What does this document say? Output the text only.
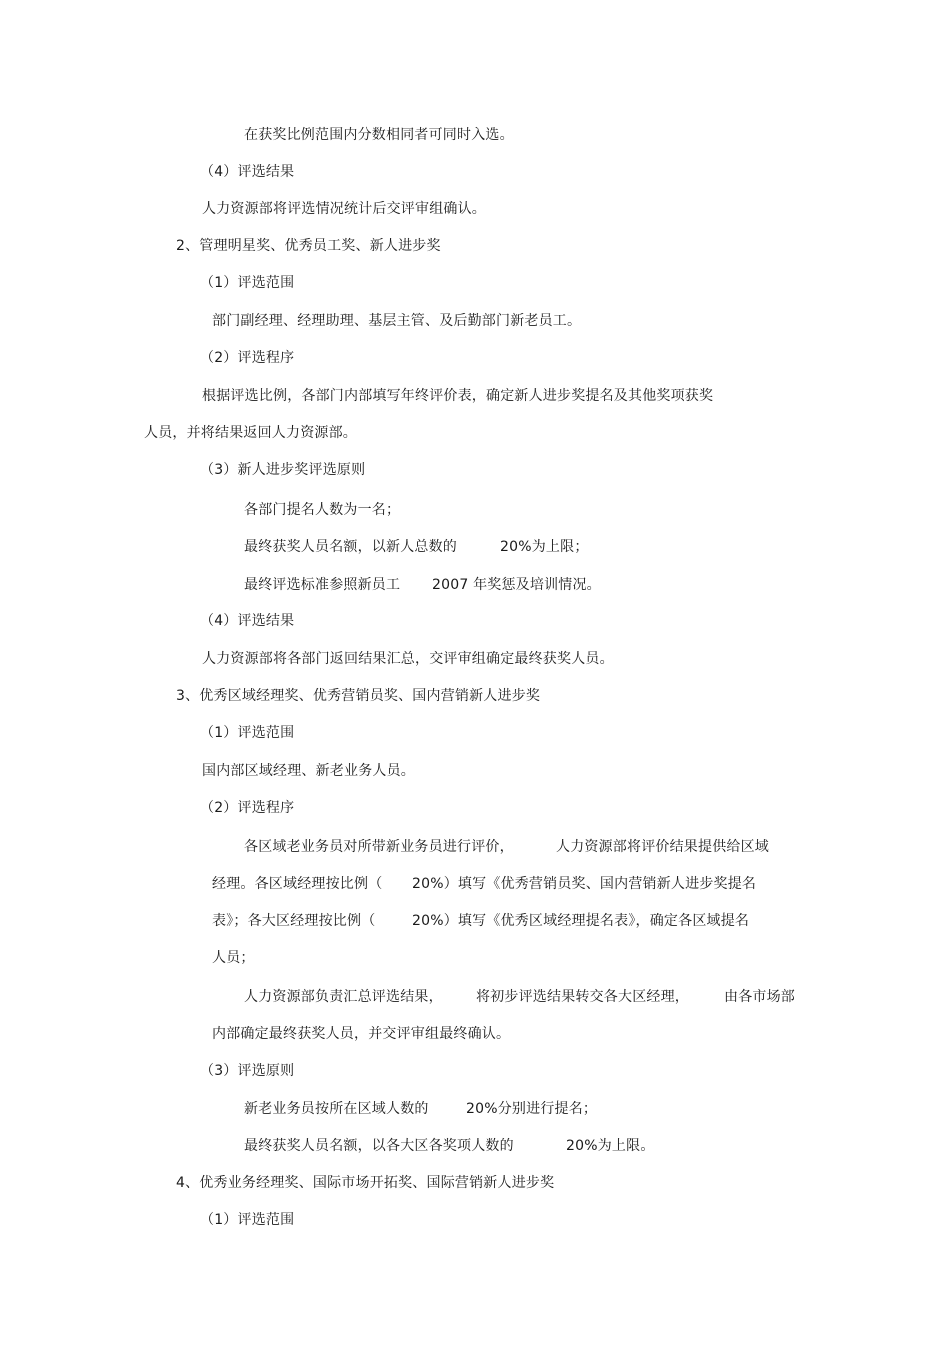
在获奖比例范围内分数相同者可同时入选。
（4）评选结果
人力资源部将评选情况统计后交评审组确认。
2、管理明星奖、优秀员工奖、新人进步奖
（1）评选范围
部门副经理、经理助理、基层主管、及后勤部门新老员工。
（2）评选程序
根据评选比例，各部门内部填写年终评价表，确定新人进步奖提名及其他奖项获奖
人员，并将结果返回人力资源部。
（3）新人进步奖评选原则
各部门提名人数为一名；
最终获奖人员名额，以新人总数的	20%为上限；
最终评选标准参照新员工 2007 年奖惩及培训情况。
（4）评选结果
人力资源部将各部门返回结果汇总，交评审组确定最终获奖人员。
3、优秀区域经理奖、优秀营销员奖、国内营销新人进步奖
（1）评选范围
国内部区域经理、新老业务人员。
（2）评选程序
各区域老业务员对所带新业务员进行评价，	人力资源部将评价结果提供给区域
经理。各区域经理按比例（ 20%）填写《优秀营销员奖、国内营销新人进步奖提名
表》；各大区经理按比例（	20%）填写《优秀区域经理提名表》，确定各区域提名
人员；
人力资源部负责汇总评选结果， 将初步评选结果转交各大区经理，	由各市场部
内部确定最终获奖人员，并交评审组最终确认。
（3）评选原则
新老业务员按所在区域人数的	20%分别进行提名；
最终获奖人员名额，以各大区各奖项人数的	20%为上限。
4、优秀业务经理奖、国际市场开拓奖、国际营销新人进步奖
（1）评选范围
